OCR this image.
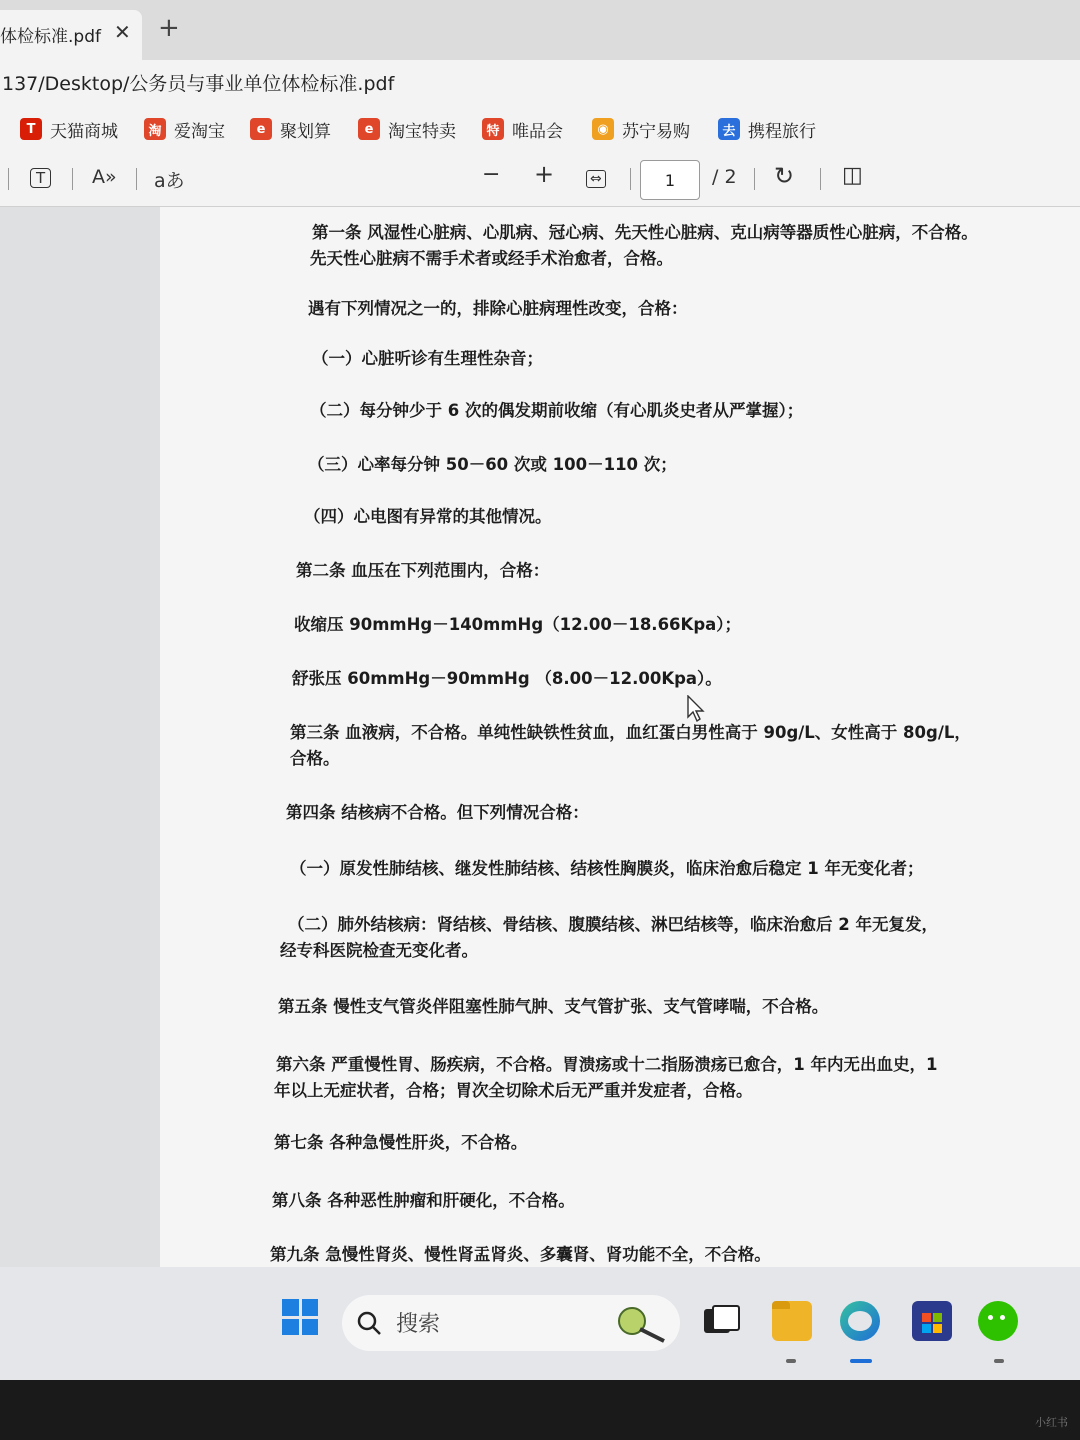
体检标准.pdf ✕ +
137/Desktop/公务员与事业单位体检标准.pdf
T 天猫商城	淘 爱淘宝	e 聚划算	e 淘宝特卖	特 唯品会	◉ 苏宁易购	去 携程旅行
T	A» aあ	− +	⇔	1	/ 2 ↻ ◫
第一条 风湿性心脏病、心肌病、冠心病、先天性心脏病、克山病等器质性心脏病，不合格。
先天性心脏病不需手术者或经手术治愈者，合格。
遇有下列情况之一的，排除心脏病理性改变，合格：
（一）心脏听诊有生理性杂音；
（二）每分钟少于 6 次的偶发期前收缩（有心肌炎史者从严掌握）；
（三）心率每分钟 50－60 次或 100－110 次；
（四）心电图有异常的其他情况。
第二条 血压在下列范围内，合格：
收缩压 90mmHg－140mmHg（12.00－18.66Kpa）；
舒张压 60mmHg－90mmHg （8.00－12.00Kpa）。
第三条 血液病，不合格。单纯性缺铁性贫血，血红蛋白男性高于 90g/L、女性高于 80g/L，
合格。
第四条 结核病不合格。但下列情况合格：
（一）原发性肺结核、继发性肺结核、结核性胸膜炎，临床治愈后稳定 1 年无变化者；
（二）肺外结核病：肾结核、骨结核、腹膜结核、淋巴结核等，临床治愈后 2 年无复发，
经专科医院检查无变化者。
第五条 慢性支气管炎伴阻塞性肺气肿、支气管扩张、支气管哮喘，不合格。
第六条 严重慢性胃、肠疾病，不合格。胃溃疡或十二指肠溃疡已愈合，1 年内无出血史，1
年以上无症状者，合格；胃次全切除术后无严重并发症者，合格。
第七条 各种急慢性肝炎，不合格。
第八条 各种恶性肿瘤和肝硬化，不合格。
第九条 急慢性肾炎、慢性肾盂肾炎、多囊肾、肾功能不全，不合格。
搜索
小红书
